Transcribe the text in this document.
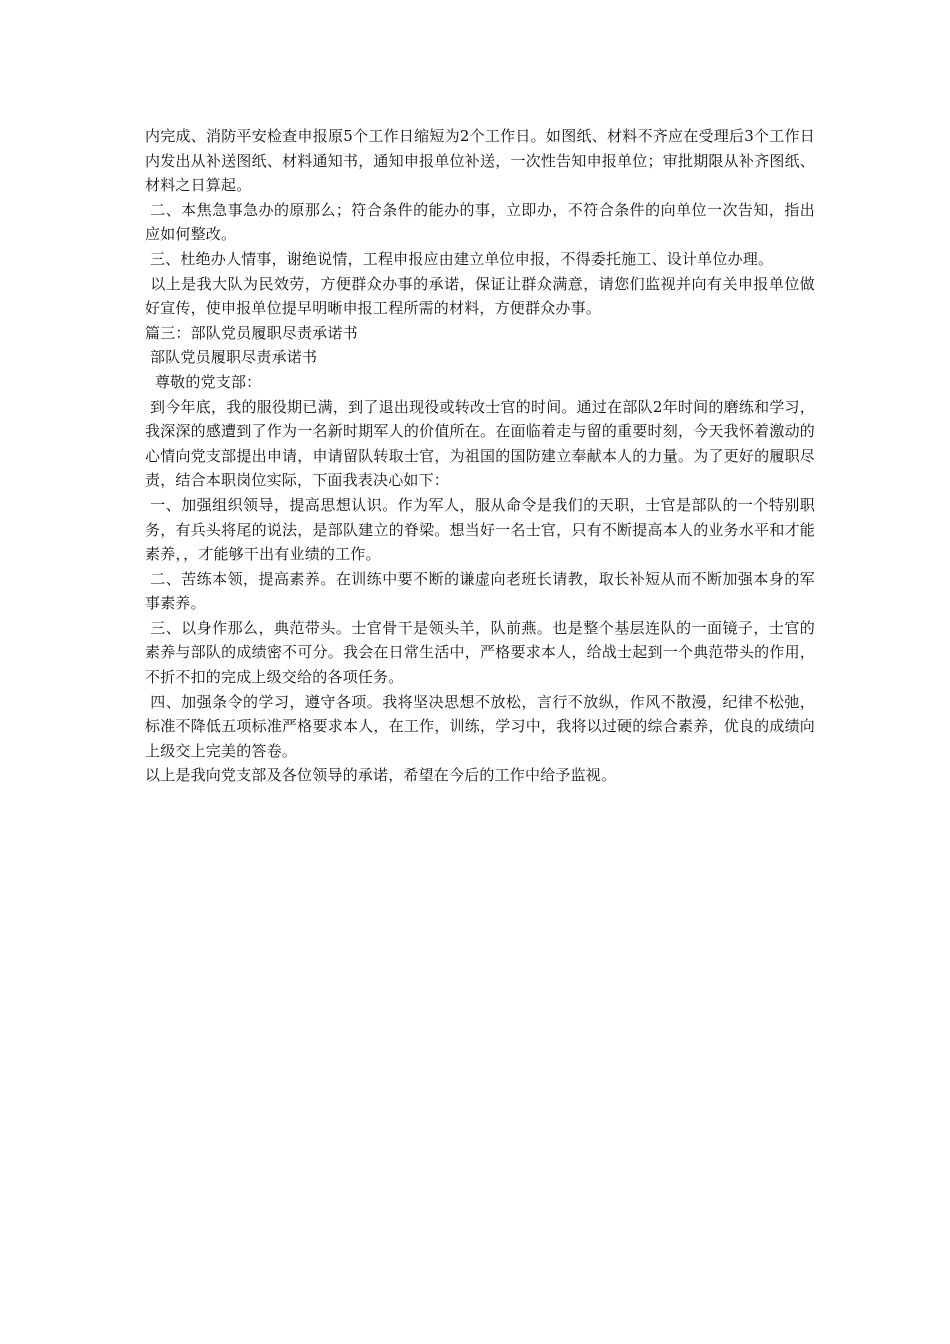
内完成、消防平安检查申报原5个工作日缩短为2个工作日。如图纸、材料不齐应在受理后3个工作日内发出从补送图纸、材料通知书，通知申报单位补送，一次性告知申报单位；审批期限从补齐图纸、材料之日算起。

二、本焦急事急办的原那么；符合条件的能办的事，立即办，不符合条件的向单位一次告知，指出应如何整改。

三、杜绝办人情事，谢绝说情，工程申报应由建立单位申报，不得委托施工、设计单位办理。

以上是我大队为民效劳，方便群众办事的承诺，保证让群众满意，请您们监视并向有关申报单位做好宣传，使申报单位提早明晰申报工程所需的材料，方便群众办事。

篇三：部队党员履职尽责承诺书

部队党员履职尽责承诺书

尊敬的党支部：

到今年底，我的服役期已满，到了退出现役或转改士官的时间。通过在部队2年时间的磨练和学习，我深深的感遭到了作为一名新时期军人的价值所在。在面临着走与留的重要时刻，今天我怀着激动的心情向党支部提出申请，申请留队转取士官，为祖国的国防建立奉献本人的力量。为了更好的履职尽责，结合本职岗位实际，下面我表决心如下：

一、加强组织领导，提高思想认识。作为军人，服从命令是我们的天职，士官是部队的一个特别职务，有兵头将尾的说法，是部队建立的脊梁。想当好一名士官，只有不断提高本人的业务水平和才能素养，，才能够干出有业绩的工作。

二、苦练本领，提高素养。在训练中要不断的谦虚向老班长请教，取长补短从而不断加强本身的军事素养。

三、以身作那么，典范带头。士官骨干是领头羊，队前燕。也是整个基层连队的一面镜子，士官的素养与部队的成绩密不可分。我会在日常生活中，严格要求本人，给战士起到一个典范带头的作用，不折不扣的完成上级交给的各项任务。

四、加强条令的学习，遵守各项。我将坚决思想不放松，言行不放纵，作风不散漫，纪律不松弛，标准不降低五项标准严格要求本人，在工作，训练，学习中，我将以过硬的综合素养，优良的成绩向上级交上完美的答卷。

以上是我向党支部及各位领导的承诺，希望在今后的工作中给予监视。
